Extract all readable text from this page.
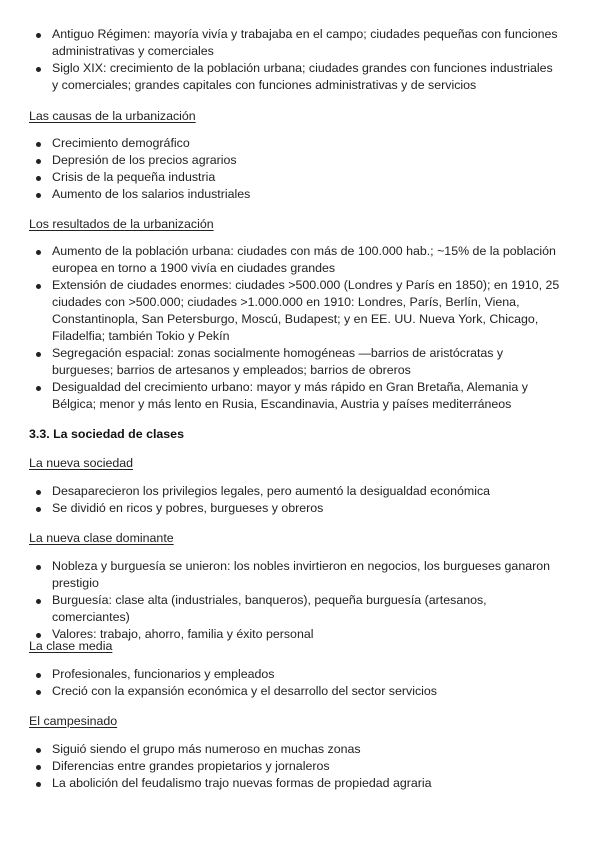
Antiguo Régimen: mayoría vivía y trabajaba en el campo; ciudades pequeñas con funciones administrativas y comerciales
Siglo XIX: crecimiento de la población urbana; ciudades grandes con funciones industriales y comerciales; grandes capitales con funciones administrativas y de servicios

Las causas de la urbanización

Crecimiento demográfico
Depresión de los precios agrarios
Crisis de la pequeña industria
Aumento de los salarios industriales

Los resultados de la urbanización

Aumento de la población urbana: ciudades con más de 100.000 hab.; ~15% de la población europea en torno a 1900 vivía en ciudades grandes
Extensión de ciudades enormes: ciudades >500.000 (Londres y París en 1850); en 1910, 25 ciudades con >500.000; ciudades >1.000.000 en 1910: Londres, París, Berlín, Viena, Constantinopla, San Petersburgo, Moscú, Budapest; y en EE. UU. Nueva York, Chicago, Filadelfia; también Tokio y Pekín
Segregación espacial: zonas socialmente homogéneas —barrios de aristócratas y burgueses; barrios de artesanos y empleados; barrios de obreros
Desigualdad del crecimiento urbano: mayor y más rápido en Gran Bretaña, Alemania y Bélgica; menor y más lento en Rusia, Escandinavia, Austria y países mediterráneos

3.3. La sociedad de clases

La nueva sociedad

Desaparecieron los privilegios legales, pero aumentó la desigualdad económica
Se dividió en ricos y pobres, burgueses y obreros

La nueva clase dominante

Nobleza y burguesía se unieron: los nobles invirtieron en negocios, los burgueses ganaron prestigio
Burguesía: clase alta (industriales, banqueros), pequeña burguesía (artesanos, comerciantes)
Valores: trabajo, ahorro, familia y éxito personal

La clase media

Profesionales, funcionarios y empleados
Creció con la expansión económica y el desarrollo del sector servicios

El campesinado

Siguió siendo el grupo más numeroso en muchas zonas
Diferencias entre grandes propietarios y jornaleros
La abolición del feudalismo trajo nuevas formas de propiedad agraria
